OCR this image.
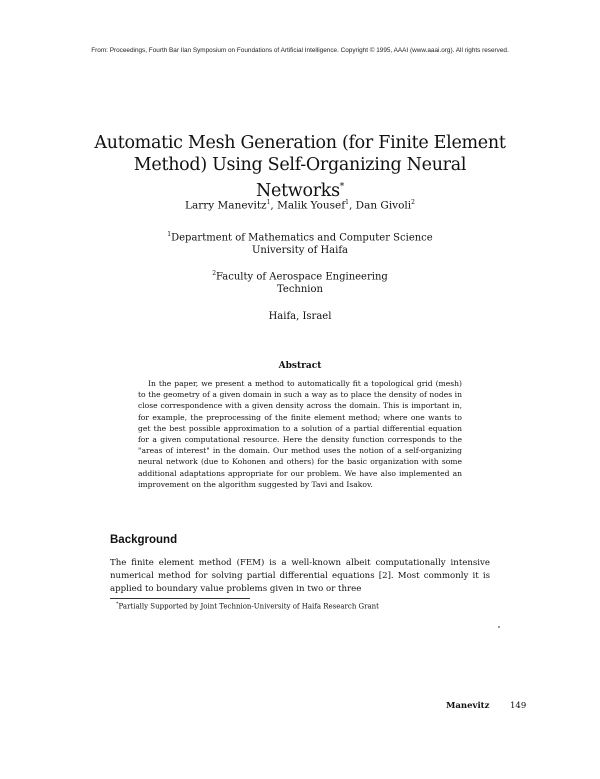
From: Proceedings, Fourth Bar Ilan Symposium on Foundations of Artificial Intelligence. Copyright © 1995, AAAI (www.aaai.org). All rights reserved.
Automatic Mesh Generation (for Finite Element
Method) Using Self-Organizing Neural Networks*
Larry Manevitz$^1$, Malik Yousef$^1$, Dan Givoli$^2$
$^1$Department of Mathematics and Computer Science
University of Haifa
$^2$Faculty of Aerospace Engineering
Technion
Haifa, Israel
Abstract

In the paper, we present a method to automatically fit a topological grid (mesh) to the geometry of a given domain in such a way as to place the density of nodes in close correspondence with a given density across the domain. This is important in, for example, the preprocessing of the finite element method; where one wants to get the best possible approximation to a solution of a partial differential equation for a given computational resource. Here the density function corresponds to the "areas of interest" in the domain. Our method uses the notion of a self-organizing neural network (due to Kohonen and others) for the basic organization with some additional adaptations appropriate for our problem. We have also implemented an improvement on the algorithm suggested by Tavi and Isakov.

Background

The finite element method (FEM) is a well-known albeit computationally intensive numerical method for solving partial differential equations [2]. Most commonly it is applied to boundary value problems given in two or three

*Partially Supported by Joint Technion-University of Haifa Research Grant
Manevitz 149
